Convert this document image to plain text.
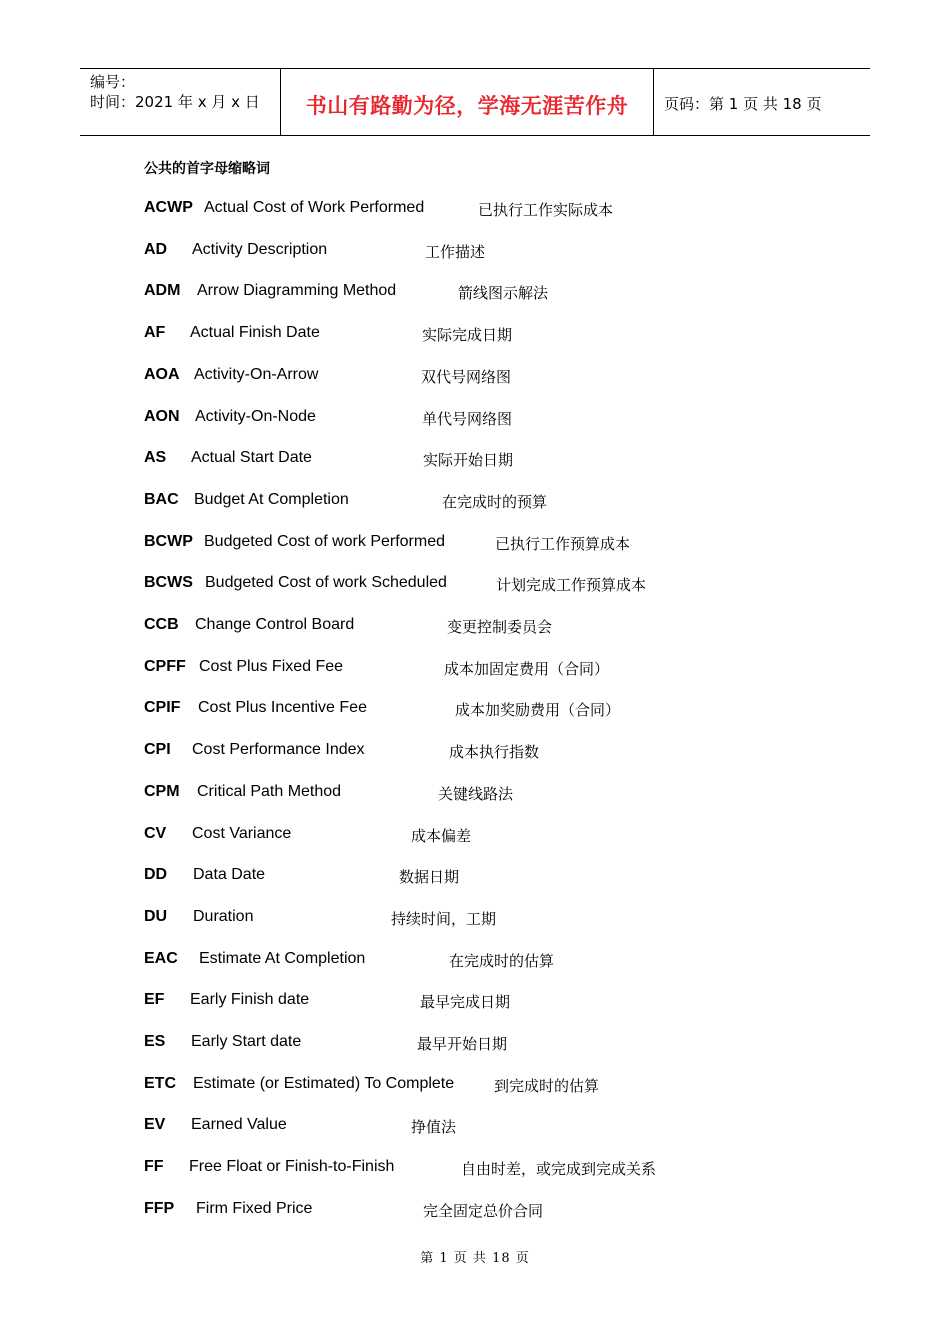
编号：
时间：2021 年 x 月 x 日	书山有路勤为径，学海无涯苦作舟	页码：第 1 页 共 18 页
公共的首字母缩略词
ACWP Actual Cost of Work Performed	已执行工作实际成本
AD Activity Description	工作描述
ADM Arrow Diagramming Method	箭线图示解法
AF Actual Finish Date	实际完成日期
AOA Activity-On-Arrow	双代号网络图
AON Activity-On-Node	单代号网络图
AS Actual Start Date	实际开始日期
BAC Budget At Completion	在完成时的预算
BCWP Budgeted Cost of work Performed	已执行工作预算成本
BCWS Budgeted Cost of work Scheduled	计划完成工作预算成本
CCB Change Control Board	变更控制委员会
CPFF Cost Plus Fixed Fee	成本加固定费用（合同）
CPIF Cost Plus Incentive Fee	成本加奖励费用（合同）
CPI Cost Performance Index	成本执行指数
CPM Critical Path Method	关键线路法
CV Cost Variance	成本偏差
DD Data Date	数据日期
DU Duration	持续时间，工期
EAC Estimate At Completion	在完成时的估算
EF Early Finish date	最早完成日期
ES Early Start date	最早开始日期
ETC Estimate (or Estimated) To Complete	到完成时的估算
EV Earned Value	挣值法
FF Free Float or Finish-to-Finish	自由时差，或完成到完成关系
FFP Firm Fixed Price	完全固定总价合同
第 1 页 共 18 页
